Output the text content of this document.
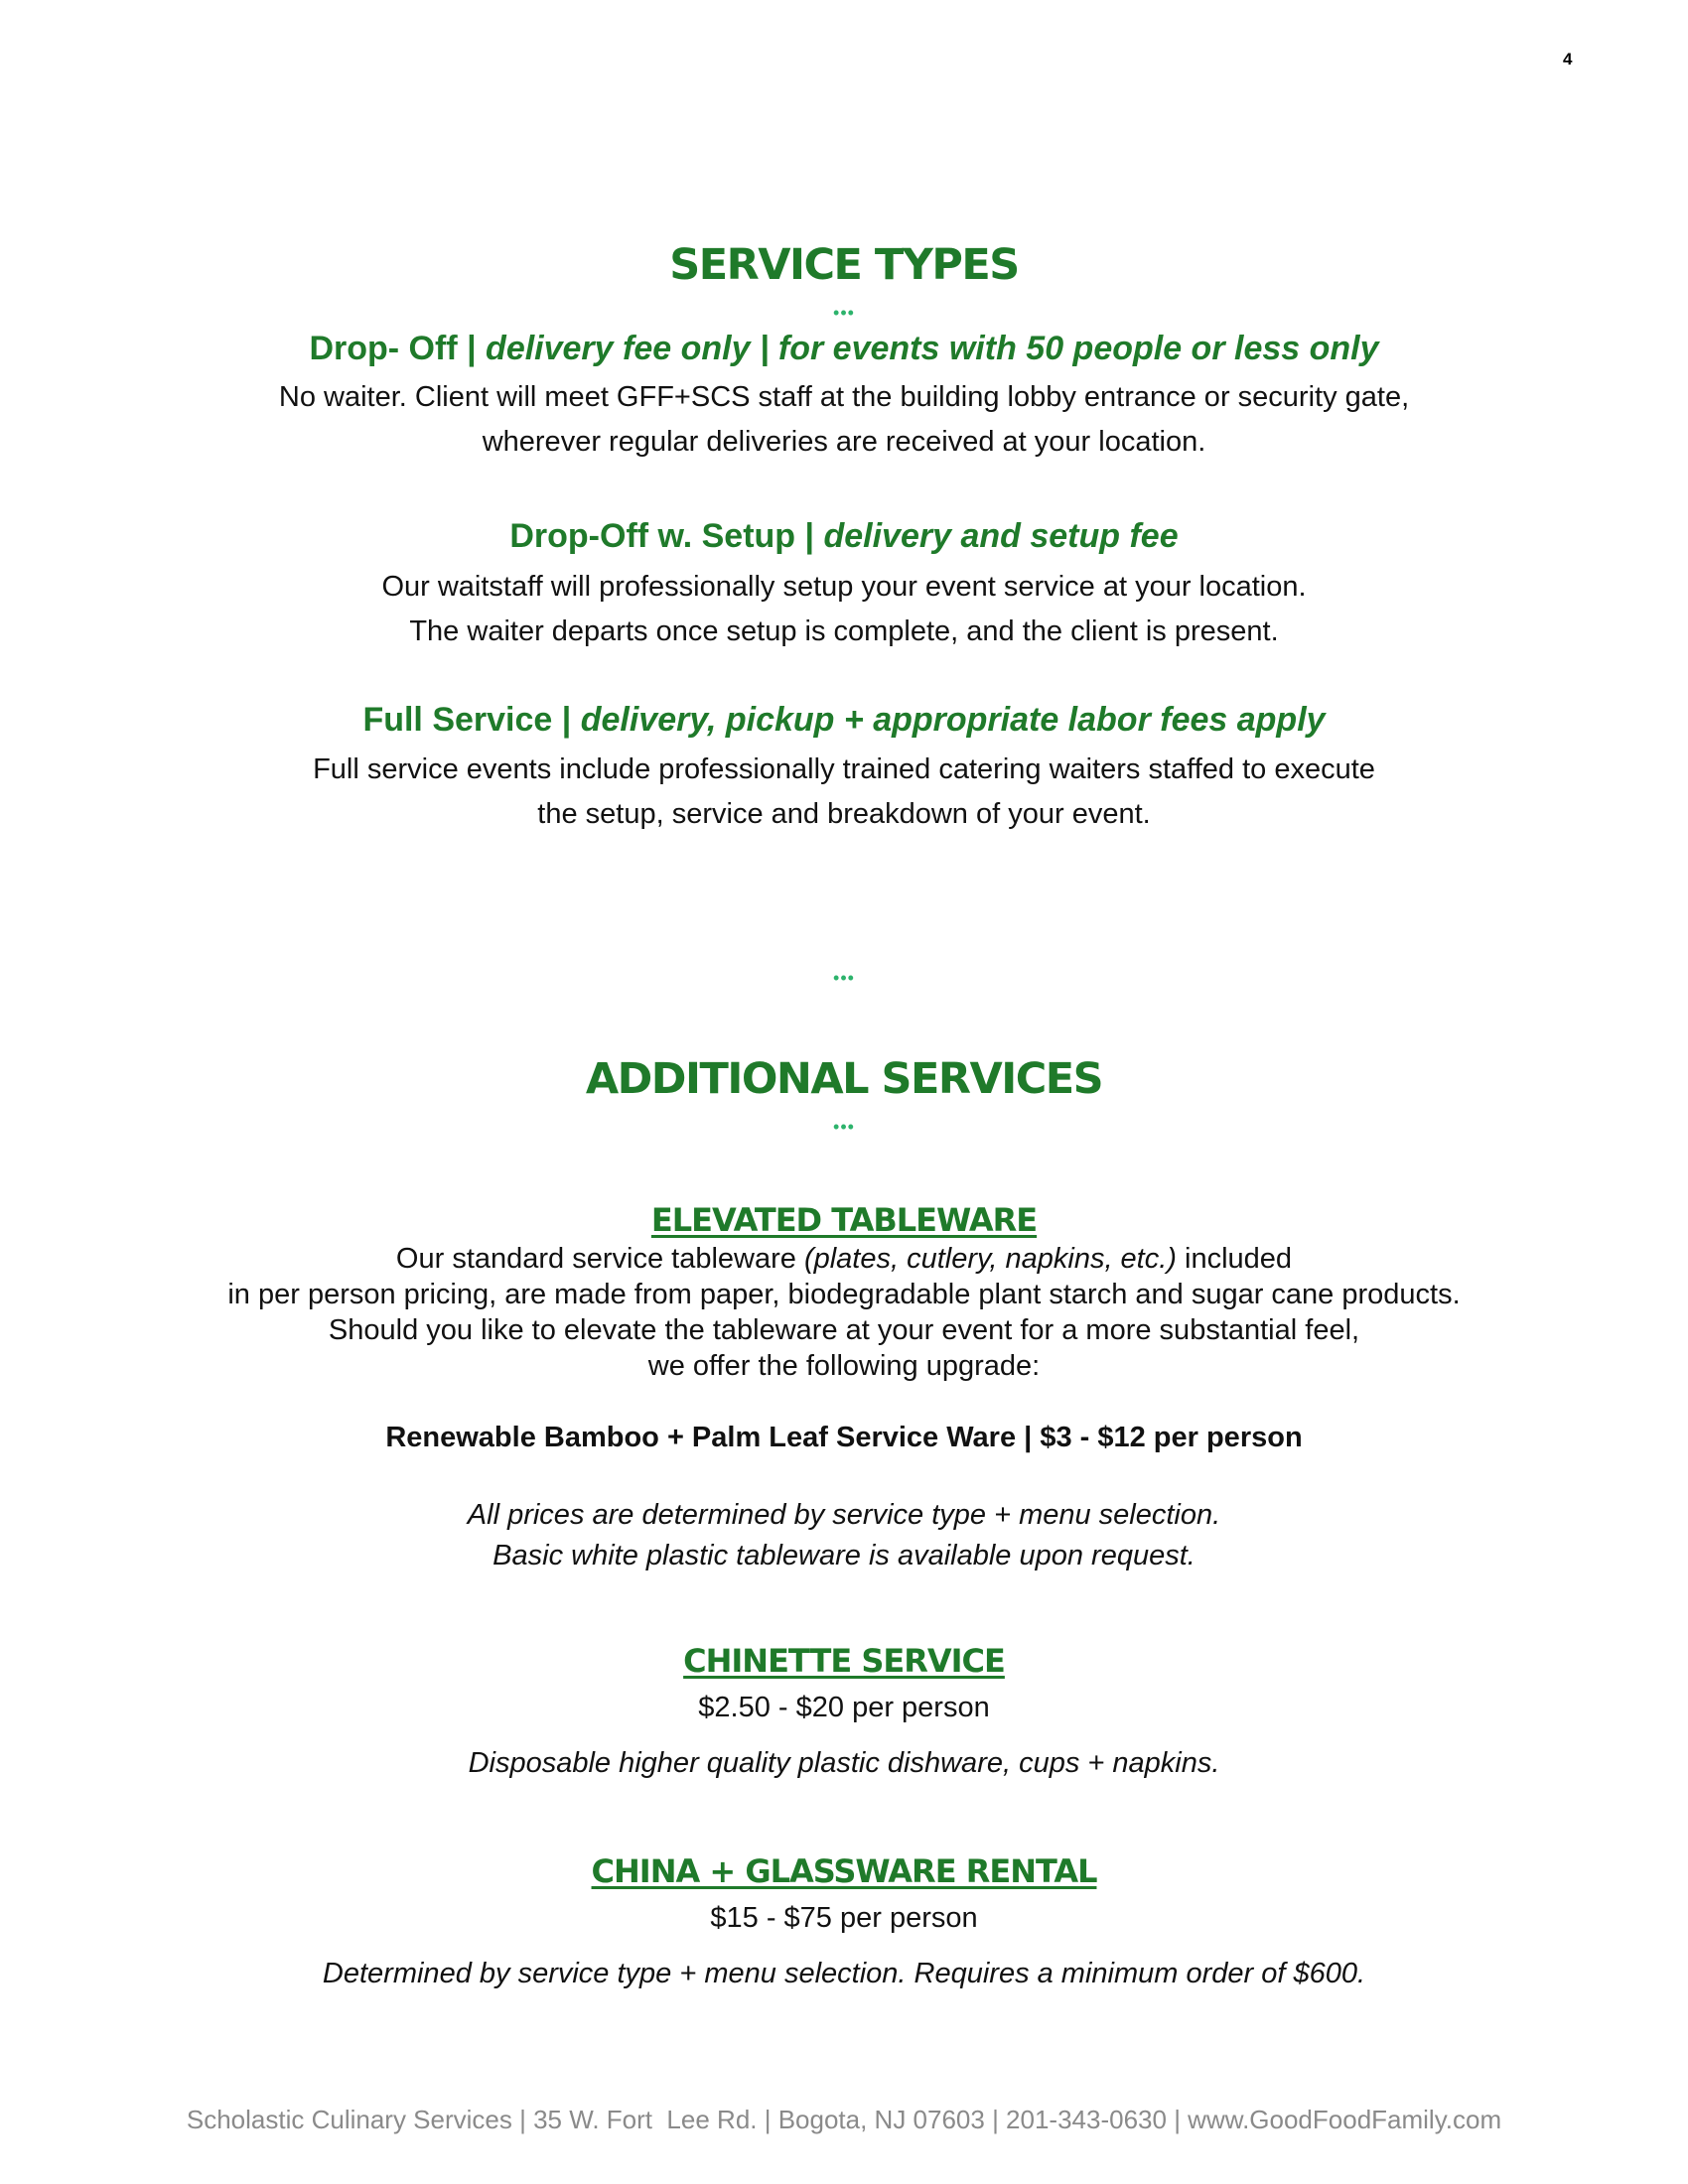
4
SERVICE TYPES
•••
Drop- Off | delivery fee only | for events with 50 people or less only
No waiter. Client will meet GFF+SCS staff at the building lobby entrance or security gate,
wherever regular deliveries are received at your location.
Drop-Off w. Setup | delivery and setup fee
Our waitstaff will professionally setup your event service at your location.
The waiter departs once setup is complete, and the client is present.
Full Service | delivery, pickup + appropriate labor fees apply
Full service events include professionally trained catering waiters staffed to execute
the setup, service and breakdown of your event.
•••
ADDITIONAL SERVICES
•••
ELEVATED TABLEWARE
Our standard service tableware (plates, cutlery, napkins, etc.) included
in per person pricing, are made from paper, biodegradable plant starch and sugar cane products.
Should you like to elevate the tableware at your event for a more substantial feel,
we offer the following upgrade:
Renewable Bamboo + Palm Leaf Service Ware | $3 - $12 per person
All prices are determined by service type + menu selection.
Basic white plastic tableware is available upon request.
CHINETTE SERVICE
$2.50 - $20 per person
Disposable higher quality plastic dishware, cups + napkins.
CHINA + GLASSWARE RENTAL
$15 - $75 per person
Determined by service type + menu selection. Requires a minimum order of $600.
Scholastic Culinary Services | 35 W. Fort  Lee Rd. | Bogota, NJ 07603 | 201-343-0630 | www.GoodFoodFamily.com
